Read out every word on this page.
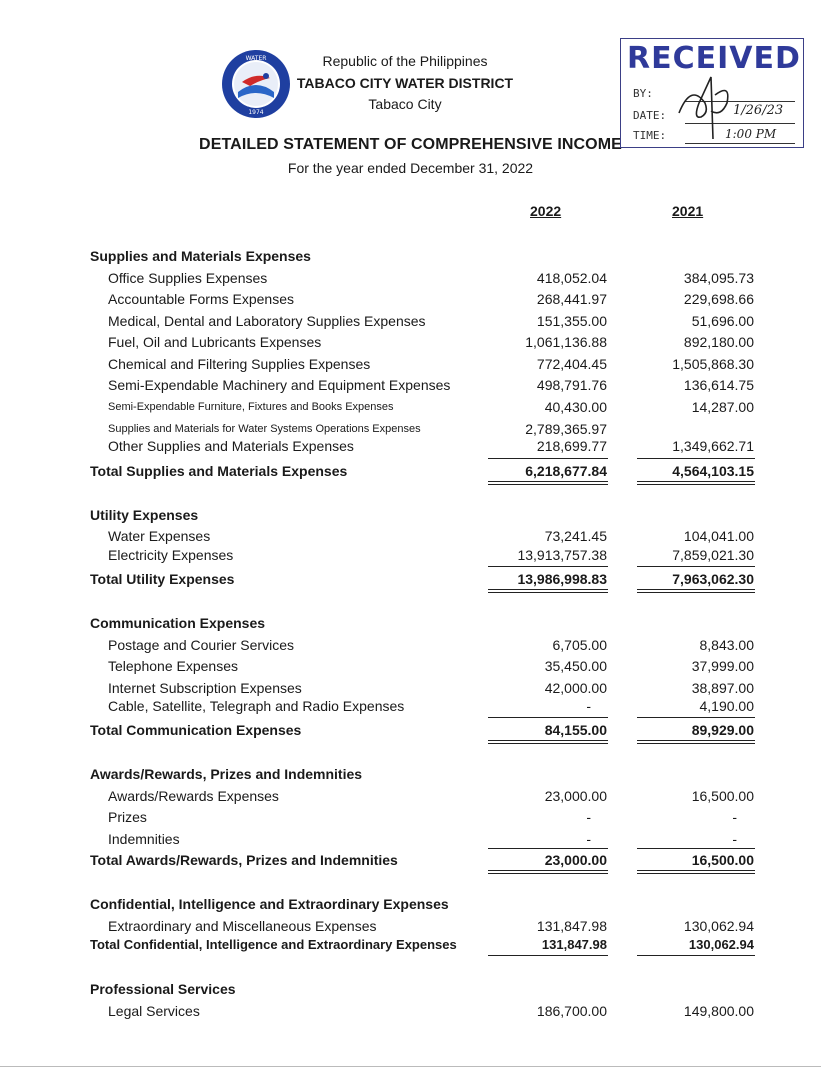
WATER
1974
Republic of the Philippines
TABACO CITY WATER DISTRICT
Tabaco City
DETAILED STATEMENT OF COMPREHENSIVE INCOME
For the year ended December 31, 2022
RECEIVED
BY:
DATE:
TIME:
1/26/23
1:00 PM
2022	2021
Supplies and Materials Expenses
Office Supplies Expenses	418,052.04	384,095.73
Accountable Forms Expenses	268,441.97	229,698.66
Medical, Dental and Laboratory Supplies Expenses	151,355.00	51,696.00
Fuel, Oil and Lubricants Expenses	1,061,136.88	892,180.00
Chemical and Filtering Supplies Expenses	772,404.45	1,505,868.30
Semi-Expendable Machinery and Equipment Expenses	498,791.76	136,614.75
Semi-Expendable Furniture, Fixtures and Books Expenses	40,430.00	14,287.00
Supplies and Materials for Water Systems Operations Expenses	2,789,365.97
Other Supplies and Materials Expenses	218,699.77	1,349,662.71
Total Supplies and Materials Expenses	6,218,677.84	4,564,103.15
Utility Expenses
Water Expenses	73,241.45	104,041.00
Electricity Expenses	13,913,757.38	7,859,021.30
Total Utility Expenses	13,986,998.83	7,963,062.30
Communication Expenses
Postage and Courier Services	6,705.00	8,843.00
Telephone Expenses	35,450.00	37,999.00
Internet Subscription Expenses	42,000.00	38,897.00
Cable, Satellite, Telegraph and Radio Expenses	-	4,190.00
Total Communication Expenses	84,155.00	89,929.00
Awards/Rewards, Prizes and Indemnities
Awards/Rewards Expenses	23,000.00	16,500.00
Prizes	-	-
Indemnities	-	-
Total Awards/Rewards, Prizes and Indemnities	23,000.00	16,500.00
Confidential, Intelligence and Extraordinary Expenses
Extraordinary and Miscellaneous Expenses	131,847.98	130,062.94
Total Confidential, Intelligence and Extraordinary Expenses	131,847.98	130,062.94
Professional Services
Legal Services	186,700.00	149,800.00
